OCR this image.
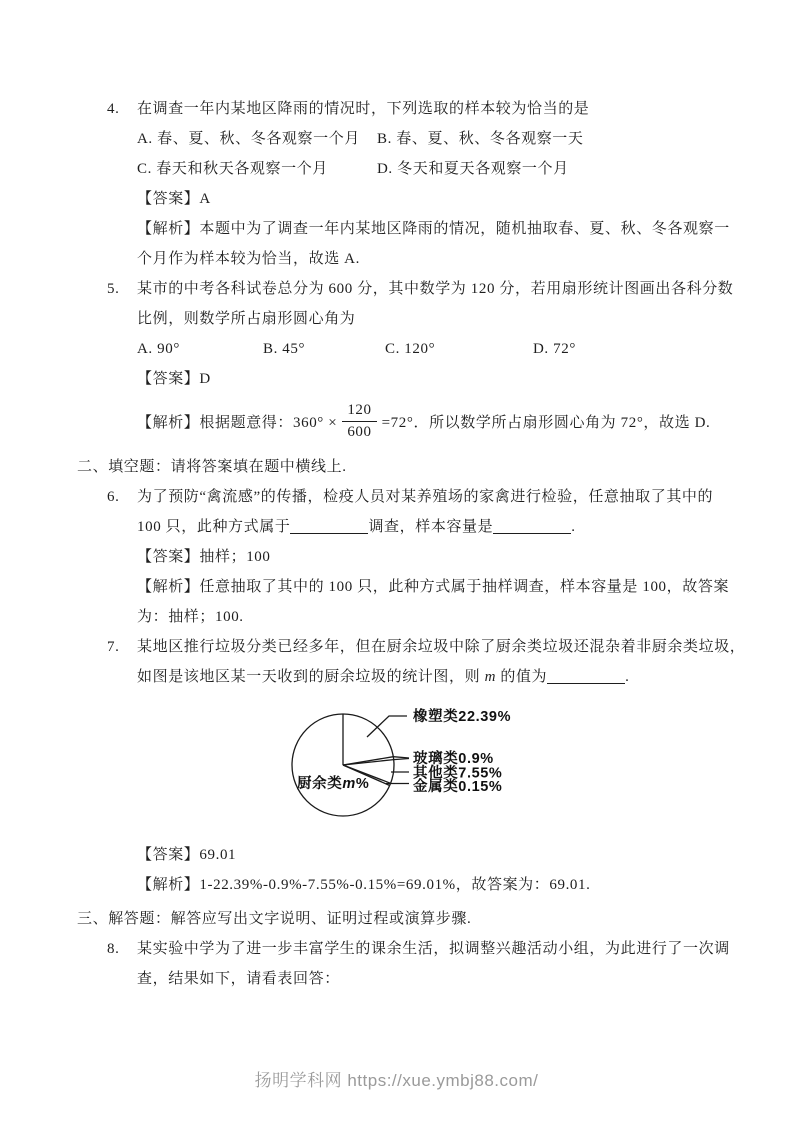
4. 在调查一年内某地区降雨的情况时，下列选取的样本较为恰当的是
A. 春、夏、秋、冬各观察一个月	B. 春、夏、秋、冬各观察一天
C. 春天和秋天各观察一个月	D. 冬天和夏天各观察一个月
【答案】A
【解析】本题中为了调查一年内某地区降雨的情况，随机抽取春、夏、秋、冬各观察一
个月作为样本较为恰当，故选 A.
5. 某市的中考各科试卷总分为 600 分，其中数学为 120 分，若用扇形统计图画出各科分数
比例，则数学所占扇形圆心角为
A. 90°	B. 45°	C. 120°	D. 72°
【答案】D
【解析】根据题意得：$360^\circ \times \frac{120}{600} =72^\circ$．所以数学所占扇形圆心角为 72°，故选 D.
二、填空题：请将答案填在题中横线上.
6. 为了预防“禽流感”的传播，检疫人员对某养殖场的家禽进行检验，任意抽取了其中的
100 只，此种方式属于	调查，样本容量是	.
【答案】抽样；100
【解析】任意抽取了其中的 100 只，此种方式属于抽样调查，样本容量是 100，故答案
为：抽样；100.
7. 某地区推行垃圾分类已经多年，但在厨余垃圾中除了厨余类垃圾还混杂着非厨余类垃圾，
如图是该地区某一天收到的厨余垃圾的统计图，则 m 的值为	.
橡塑类22.39%
玻璃类0.9%
其他类7.55%
金属类0.15%
厨余类m%
【答案】69.01
【解析】1-22.39%-0.9%-7.55%-0.15%=69.01%，故答案为：69.01.
三、解答题：解答应写出文字说明、证明过程或演算步骤.
8. 某实验中学为了进一步丰富学生的课余生活，拟调整兴趣活动小组，为此进行了一次调
查，结果如下，请看表回答：
扬明学科网 https://xue.ymbj88.com/
